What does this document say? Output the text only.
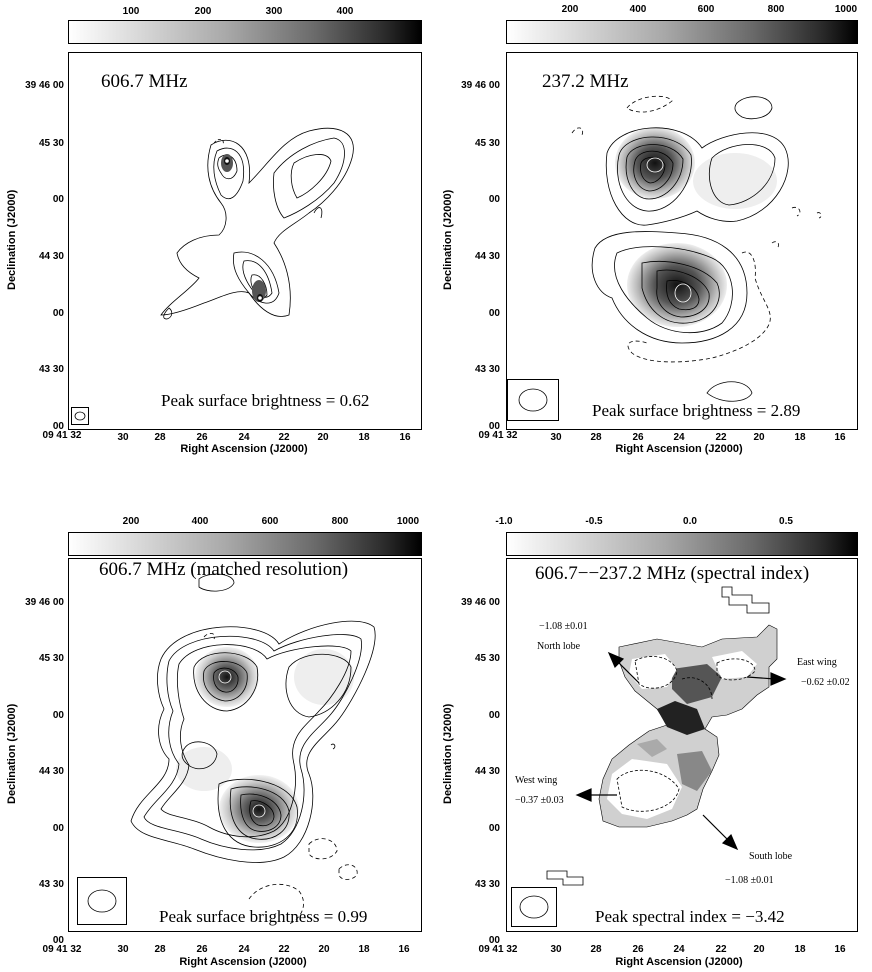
100	200	300	400
606.7 MHz
Peak surface brightness = 0.62
39 46 00
45 30
00
44 30
00
43 30
00
09 41 32	30	28	26	24	22	20	18	16
Right Ascension (J2000)
Declination (J2000)
200	400	600	800	1000
237.2 MHz
Peak surface brightness = 2.89
39 46 00
45 30
00
44 30
00
43 30
00
09 41 32	30	28	26	24	22	20	18	16
Right Ascension (J2000)
Declination (J2000)
200	400	600	800	1000
606.7 MHz (matched resolution)
Peak surface brightness = 0.99
39 46 00
45 30
00
44 30
00
43 30
00
09 41 32	30	28	26	24	22	20	18	16
Right Ascension (J2000)
Declination (J2000)
-1.0	-0.5	0.0	0.5
606.7−−237.2 MHz (spectral index)
Peak spectral index = −3.42
−1.08 ±0.01
North lobe
East wing
−0.62 ±0.02
West wing
−0.37 ±0.03
South lobe
−1.08 ±0.01
39 46 00
45 30
00
44 30
00
43 30
00
09 41 32	30	28	26	24	22	20	18	16
Right Ascension (J2000)
Declination (J2000)
